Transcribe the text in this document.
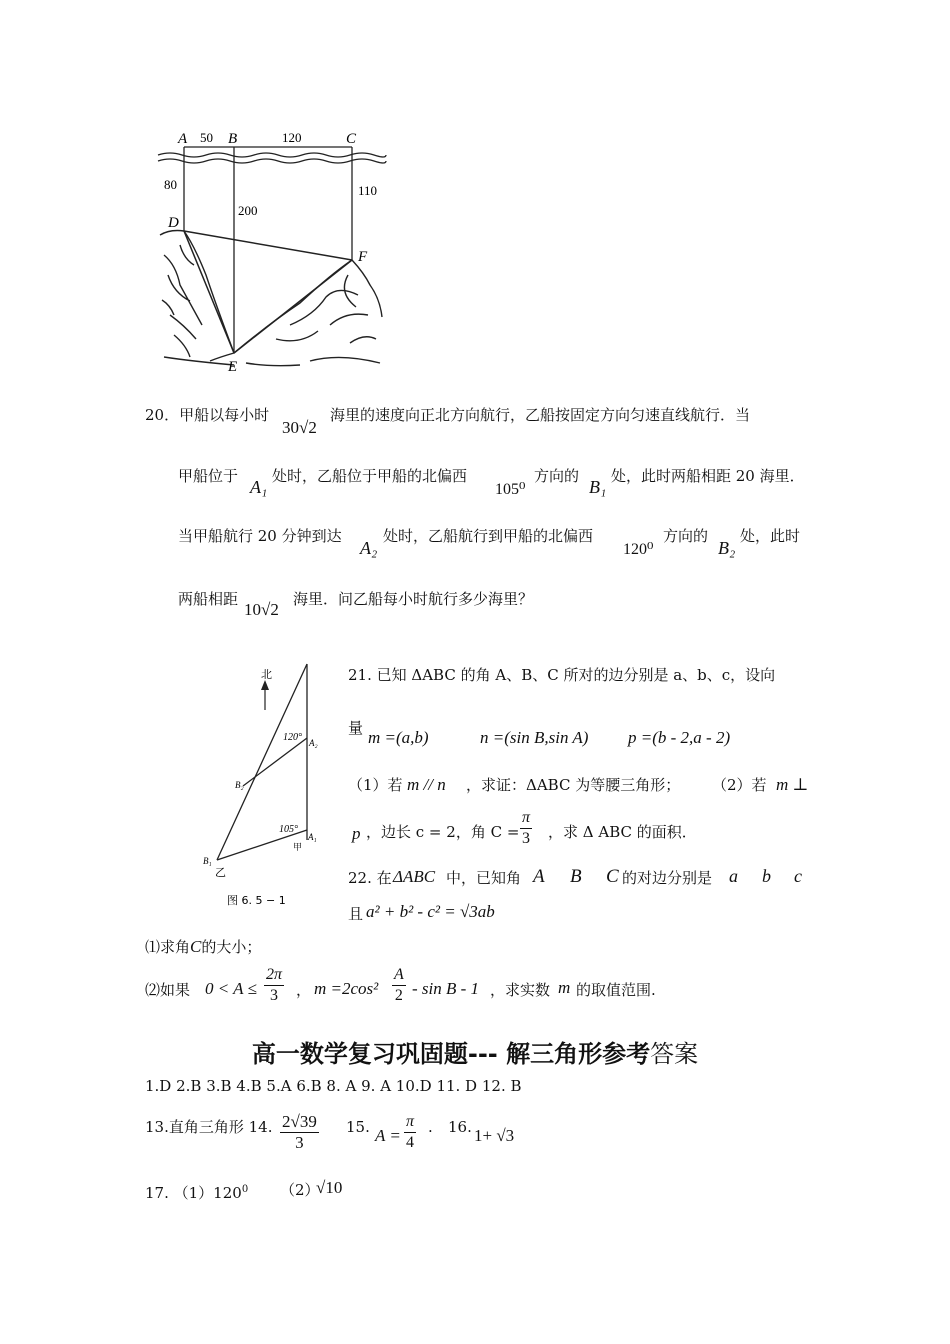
A	B	C
50	120
80
200
110
D
F
E
20．甲船以每小时
30√2
海里的速度向正北方向航行，乙船按固定方向匀速直线航行．当
甲船位于
A₁
处时，乙船位于甲船的北偏西
105⁰
方向的
B₁
处，此时两船相距 20 海里．
当甲船航行 20 分钟到达
A₂
处时，乙船航行到甲船的北偏西
120⁰
方向的
B₂
处，此时
两船相距
10√2
海里．问乙船每小时航行多少海里？
北
120° A₂
B₂
105°
A₁
甲
B₁
乙
图 6. 5 − 1
21. 已知 ΔABC 的角 A、B、C 所对的边分别是 a、b、c，设向
量 m =(a,b)	n =(sin B,sin A) p =(b - 2,a - 2)
（1）若 m // n ，求证：ΔABC 为等腰三角形； （2）若 m ⊥
p ，边长 c = 2，角 $C = \frac{\pi}{3}$ ，求 Δ ABC 的面积．
22. 在 ΔABC 中，已知角 A B C 的对边分别是 a b c
且 a² + b² - c² = √3ab
⑴求角C的大小；
⑵如果 $0 < A \le \frac{2\pi}{3}$ ， $m =2\cos^2 \frac{A}{2} - \sin B - 1$ ，求实数 m 的取值范围.
高一数学复习巩固题--- 解三角形参考答案
1.D 2.B 3.B 4.B 5.A 6.B 8. A 9. A 10.D 11. D 12. B
13.直角三角形 14. $\frac{2√39}{3} 15$. $A = \frac{\pi}{4}$ . 16. 1+ √3
17. $(1)120^0$ （2）
√10
